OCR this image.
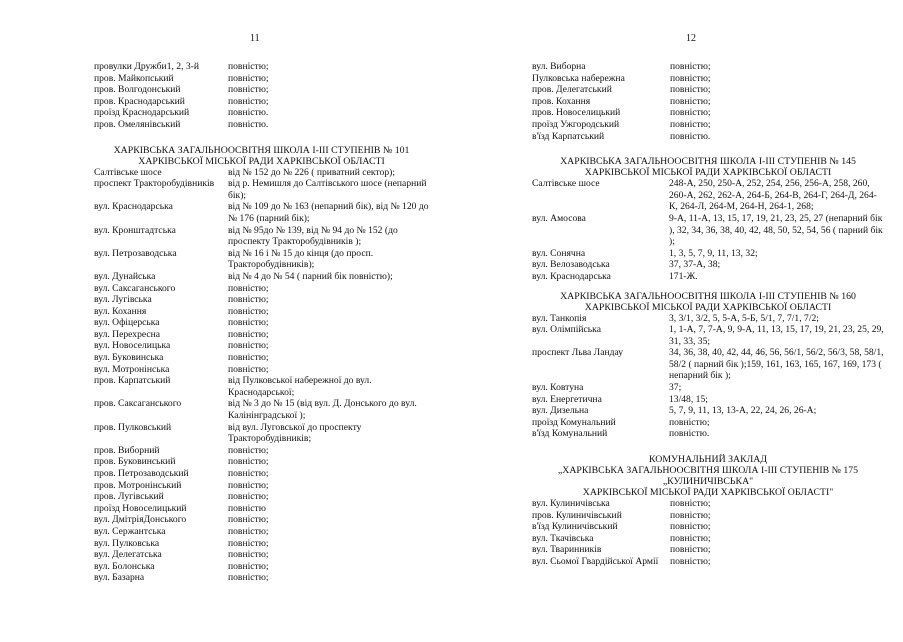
11
провулки Дружби1, 2, 3-й	повністю;
пров. Майкопський	повністю;
пров. Волгодонський	повністю;
пров. Краснодарський	повністю;
проїзд Краснодарський	повністю.
пров. Омелянівський	повністю.

ХАРКІВСЬКА ЗАГАЛЬНООСВІТНЯ ШКОЛА І-ІІІ СТУПЕНІВ № 101

ХАРКІВСЬКОЇ МІСЬКОЇ РАДИ ХАРКІВСЬКОЇ ОБЛАСТІ

Салтівське шосе	від № 152 до № 226 ( приватний сектор);
проспект Тракторобудівників	від р. Немишля до Салтівського шосе (непарний бік);
вул. Краснодарська	від № 109 до № 163 (непарний бік), від № 120 до № 176 (парний бік);
вул. Кронштадтська	від № 95до № 139, від № 94 до № 152 (до проспекту Тракторобудівників );
вул. Петрозаводська	від № 16 і № 15 до кінця (до просп. Тракторобудівників);
вул. Дунайська	від № 4 до № 54 ( парний бік повністю);
вул. Саксаганського	повністю;
вул. Лугівська	повністю;
вул. Кохання	повністю;
вул. Офіцерська	повністю;
вул. Перехресна	повністю;
вул. Новоселицька	повністю;
вул. Буковинська	повністю;
вул. Мотронінська	повністю;
пров. Карпатський	від Пулковської набережної до вул. Краснодарської;
пров. Саксаганського	від № 3 до № 15 (від вул. Д. Донського до вул. Калінінградської );
пров. Пулковський	від вул. Луговської до проспекту Тракторобудівників;
пров. Виборний	повністю;
пров. Буковинський	повністю;
пров. Петрозаводський	повністю;
пров. Мотронінський	повністю;
пров. Лугівський	повністю;
проїзд Новоселицький	повністю
вул. ДмітріяДонського	повністю;
вул. Сержантська	повністю;
вул. Пулковська	повністю;
вул. Делегатська	повністю;
вул. Болонська	повністю;
вул. Базарна	повністю;
12
вул. Виборна	повністю;
Пулковська набережна	повністю;
пров. Делегатський	повністю;
пров. Кохання	повністю;
пров. Новоселицький	повністю;
проїзд Ужгородський	повністю;
в'їзд Карпатський	повністю.

ХАРКІВСЬКА ЗАГАЛЬНООСВІТНЯ ШКОЛА І-ІІІ СТУПЕНІВ № 145

ХАРКІВСЬКОЇ МІСЬКОЇ РАДИ ХАРКІВСЬКОЇ ОБЛАСТІ

Салтівське шосе	248-А, 250, 250-А, 252, 254, 256, 256-А, 258, 260, 260-А, 262, 262-А, 264-Б, 264-В, 264-Г, 264-Д, 264-К, 264-Л, 264-М, 264-Н, 264-1, 268;
вул. Амосова	9-А, 11-А, 13, 15, 17, 19, 21, 23, 25, 27 (непарний бік ), 32, 34, 36, 38, 40, 42, 48, 50, 52, 54, 56 ( парний бік );
вул. Сонячна	1, 3, 5, 7, 9, 11, 13, 32;
вул. Велозаводська	37, 37-А, 38;
вул. Краснодарська	171-Ж.

ХАРКІВСЬКА ЗАГАЛЬНООСВІТНЯ ШКОЛА І-ІІІ СТУПЕНІВ № 160

ХАРКІВСЬКОЇ МІСЬКОЇ РАДИ ХАРКІВСЬКОЇ ОБЛАСТІ

вул. Танкопія	3, 3/1, 3/2, 5, 5-А, 5-Б, 5/1, 7, 7/1, 7/2;
вул. Олімпійська	1, 1-А, 7, 7-А, 9, 9-А, 11, 13, 15, 17, 19, 21, 23, 25, 29, 31, 33, 35;
проспект Льва Ландау	34, 36, 38, 40, 42, 44, 46, 56, 56/1, 56/2, 56/3, 58, 58/1, 58/2 ( парний бік );159, 161, 163, 165, 167, 169, 173 ( непарний бік );
вул. Ковтуна	37;
вул. Енергетична	13/48, 15;
вул. Дизельна	5, 7, 9, 11, 13, 13-А, 22, 24, 26, 26-А;
проїзд Комунальний	повністю;
в'їзд Комунальний	повністю.

КОМУНАЛЬНИЙ ЗАКЛАД

„ХАРКІВСЬКА ЗАГАЛЬНООСВІТНЯ ШКОЛА І-ІІІ СТУПЕНІВ № 175

„КУЛИНИЧІВСЬКА"

ХАРКІВСЬКОЇ МІСЬКОЇ РАДИ ХАРКІВСЬКОЇ ОБЛАСТІ"

вул. Кулиничівська	повністю;
пров. Кулиничівський	повністю;
в'їзд Кулиничівський	повністю;
вул. Ткачівська	повністю;
вул. Тваринників	повністю;
вул. Сьомої Гвардійської Армії	повністю;
